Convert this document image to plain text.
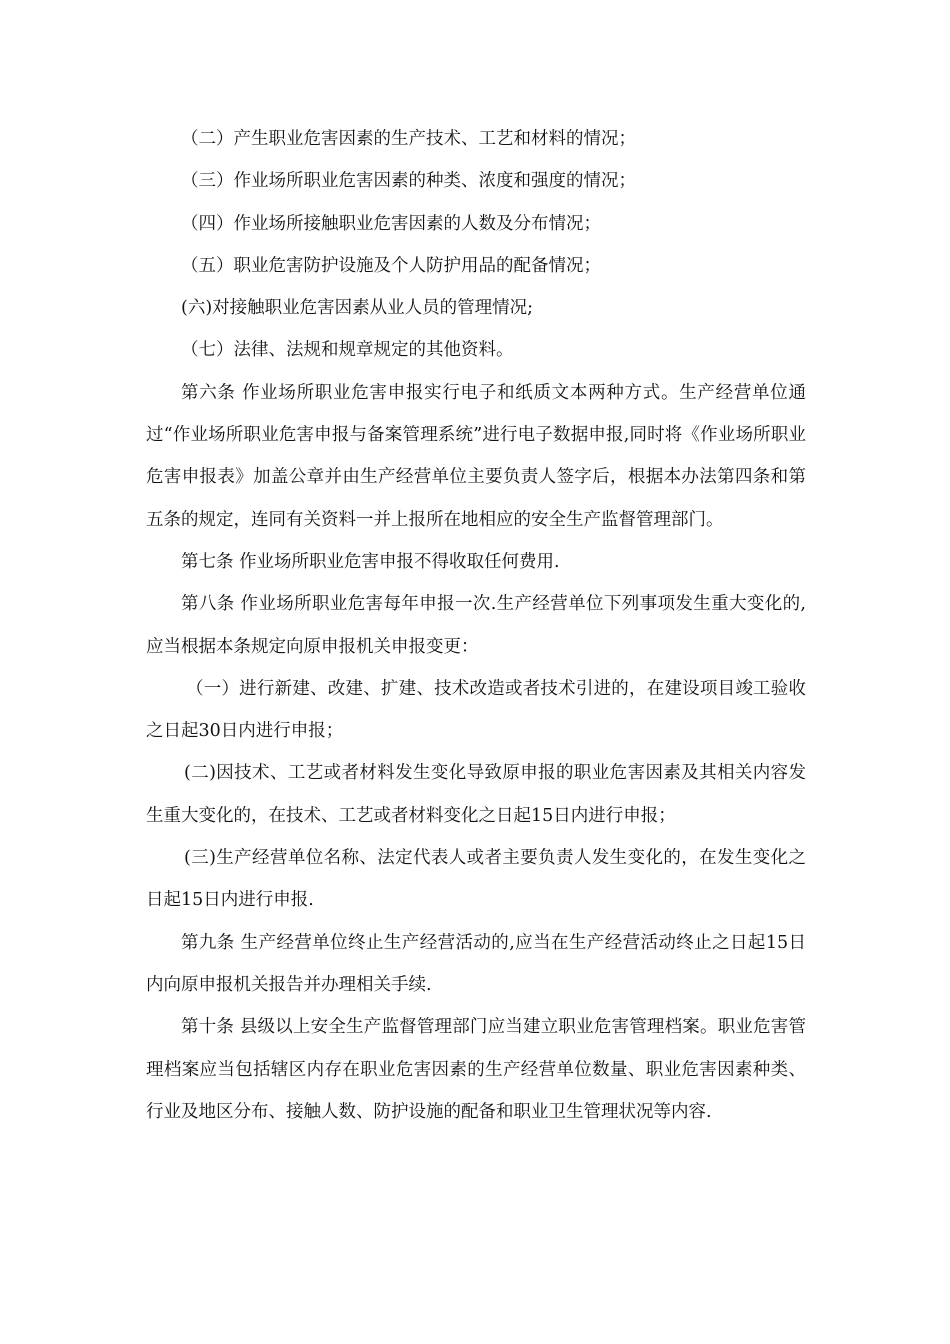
（二）产生职业危害因素的生产技术、工艺和材料的情况；

（三）作业场所职业危害因素的种类、浓度和强度的情况；

（四）作业场所接触职业危害因素的人数及分布情况；

（五）职业危害防护设施及个人防护用品的配备情况；

(六)对接触职业危害因素从业人员的管理情况;

（七）法律、法规和规章规定的其他资料。

第六条 作业场所职业危害申报实行电子和纸质文本两种方式。生产经营单位通过“作业场所职业危害申报与备案管理系统”进行电子数据申报,同时将《作业场所职业危害申报表》加盖公章并由生产经营单位主要负责人签字后，根据本办法第四条和第五条的规定，连同有关资料一并上报所在地相应的安全生产监督管理部门。

第七条 作业场所职业危害申报不得收取任何费用.

第八条 作业场所职业危害每年申报一次.生产经营单位下列事项发生重大变化的,应当根据本条规定向原申报机关申报变更：

（一）进行新建、改建、扩建、技术改造或者技术引进的，在建设项目竣工验收之日起30日内进行申报；

(二)因技术、工艺或者材料发生变化导致原申报的职业危害因素及其相关内容发生重大变化的，在技术、工艺或者材料变化之日起15日内进行申报；

(三)生产经营单位名称、法定代表人或者主要负责人发生变化的，在发生变化之日起15日内进行申报.

第九条 生产经营单位终止生产经营活动的,应当在生产经营活动终止之日起15日内向原申报机关报告并办理相关手续.

第十条 县级以上安全生产监督管理部门应当建立职业危害管理档案。职业危害管理档案应当包括辖区内存在职业危害因素的生产经营单位数量、职业危害因素种类、行业及地区分布、接触人数、防护设施的配备和职业卫生管理状况等内容.
